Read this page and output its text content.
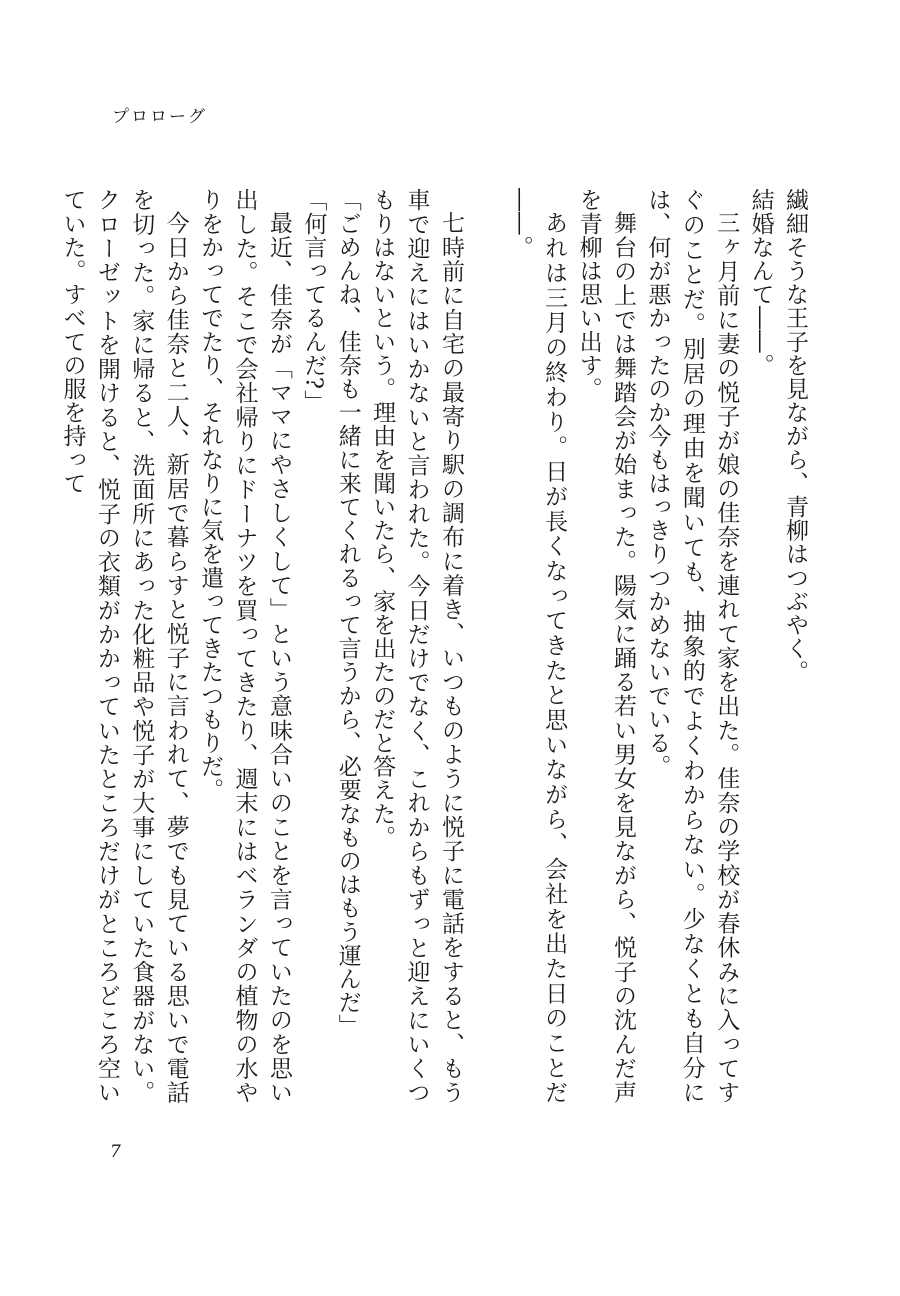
プロローグ

繊細そうな王子を見ながら、青柳はつぶやく。

結婚なんて――。

三ヶ月前に妻の悦子が娘の佳奈を連れて家を出た。佳奈の学校が春休みに入ってすぐのことだ。別居の理由を聞いても、抽象的でよくわからない。少なくとも自分には、何が悪かったのか今もはっきりつかめないでいる。

舞台の上では舞踏会が始まった。陽気に踊る若い男女を見ながら、悦子の沈んだ声を青柳は思い出す。

あれは三月の終わり。日が長くなってきたと思いながら、会社を出た日のことだ――。

七時前に自宅の最寄り駅の調布に着き、いつものように悦子に電話をすると、もう車で迎えにはいかないと言われた。今日だけでなく、これからもずっと迎えにいくつもりはないという。理由を聞いたら、家を出たのだと答えた。

「ごめんね、佳奈も一緒に来てくれるって言うから、必要なものはもう運んだ」

「何言ってるんだ?」

最近、佳奈が「ママにやさしくして」という意味合いのことを言っていたのを思い出した。そこで会社帰りにドーナツを買ってきたり、週末にはベランダの植物の水やりをかってでたり、それなりに気を遣ってきたつもりだ。

今日から佳奈と二人、新居で暮らすと悦子に言われて、夢でも見ている思いで電話を切った。家に帰ると、洗面所にあった化粧品や悦子が大事にしていた食器がない。クローゼットを開けると、悦子の衣類がかかっていたところだけがところどころ空いていた。すべての服を持って

7
